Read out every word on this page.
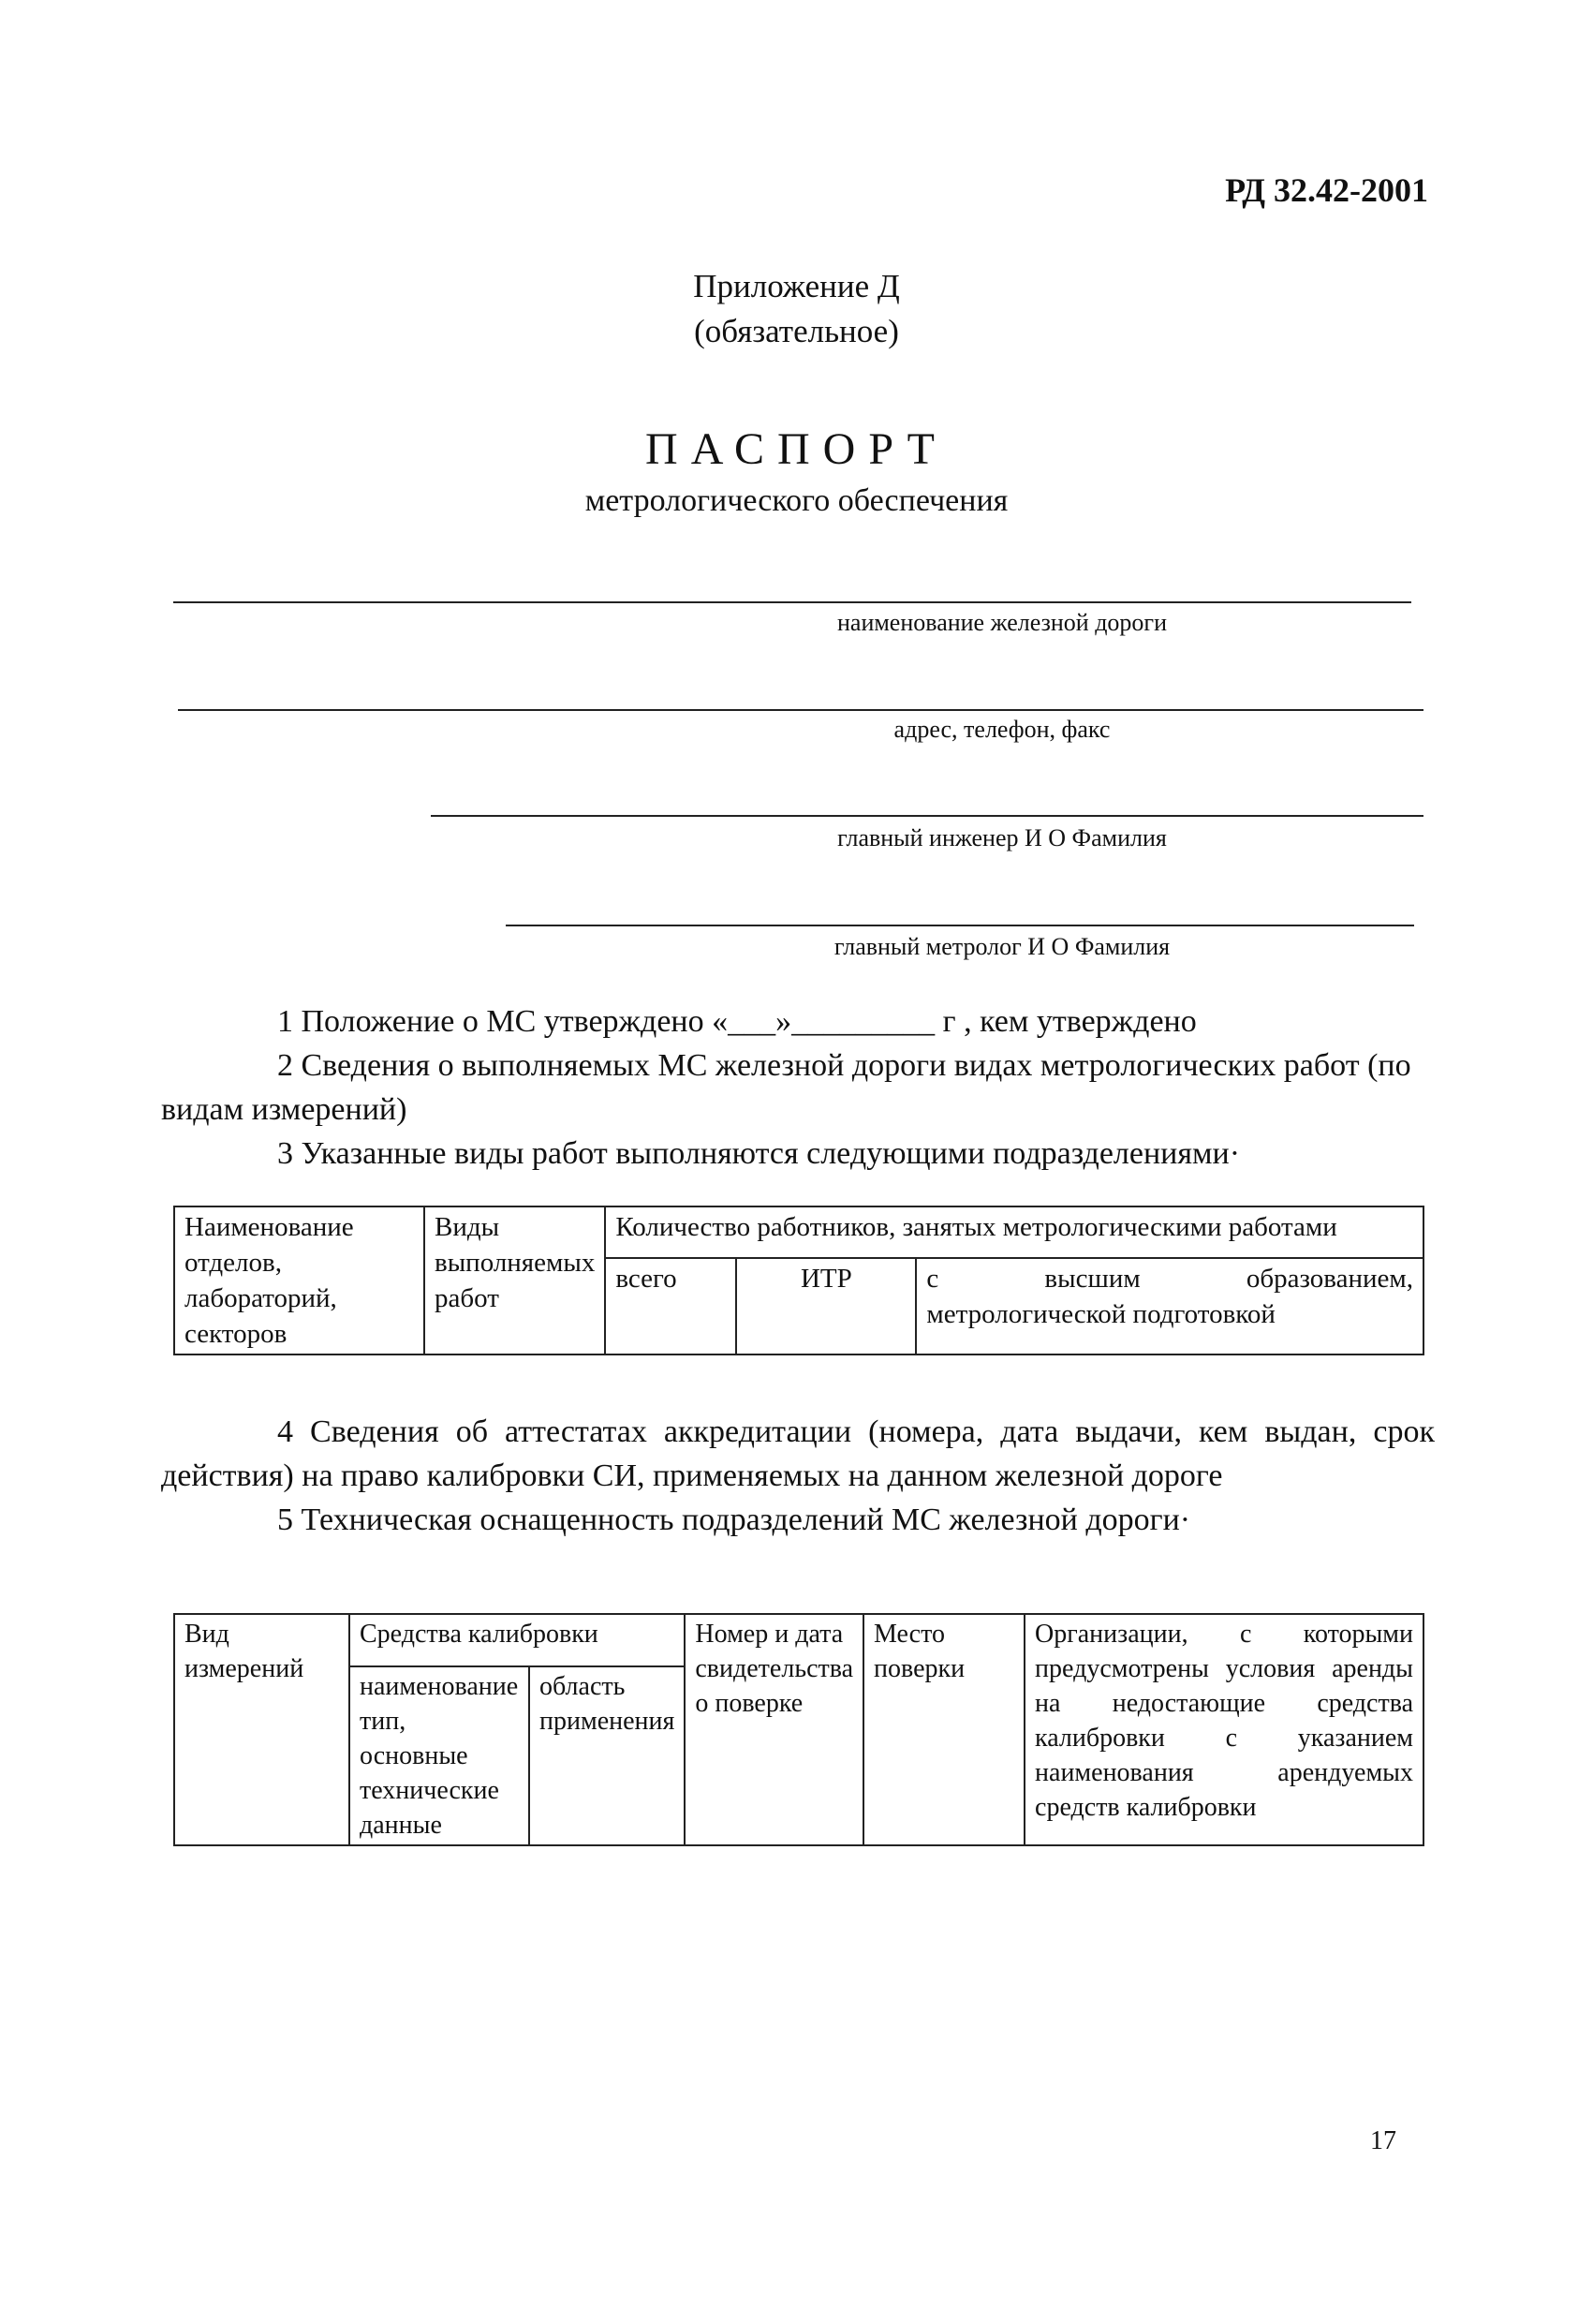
РД 32.42-2001
Приложение Д
(обязательное)
ПАСПОРТ
метрологического обеспечения
наименование железной дороги
адрес, телефон, факс
главный инженер И О Фамилия
главный метролог И О Фамилия
1 Положение о МС утверждено «___»_________ г , кем утверждено
2 Сведения о выполняемых МС железной дороги видах метрологических работ (по видам измерений)
3 Указанные виды работ выполняются следующими подразделениями·
Наименование отделов, лабораторий, секторов	Виды выполняемых работ	Количество работников, занятых метрологическими работами		
		всего	ИТР	с высшим образованием, метрологической подготовкой
4 Сведения об аттестатах аккредитации (номера, дата выдачи, кем выдан, срок действия) на право калибровки СИ, применяемых на данном железной дороге
5 Техническая оснащенность подразделений МС железной дороги·
Вид измерений	Средства калибровки		Номер и дата свидетельства о поверке	Место поверки	Организации, с которыми предусмотрены условия аренды на недостающие средства калибровки с указанием наименования арендуемых средств калибровки
	наименование тип, основные технические данные	область применения			
17
